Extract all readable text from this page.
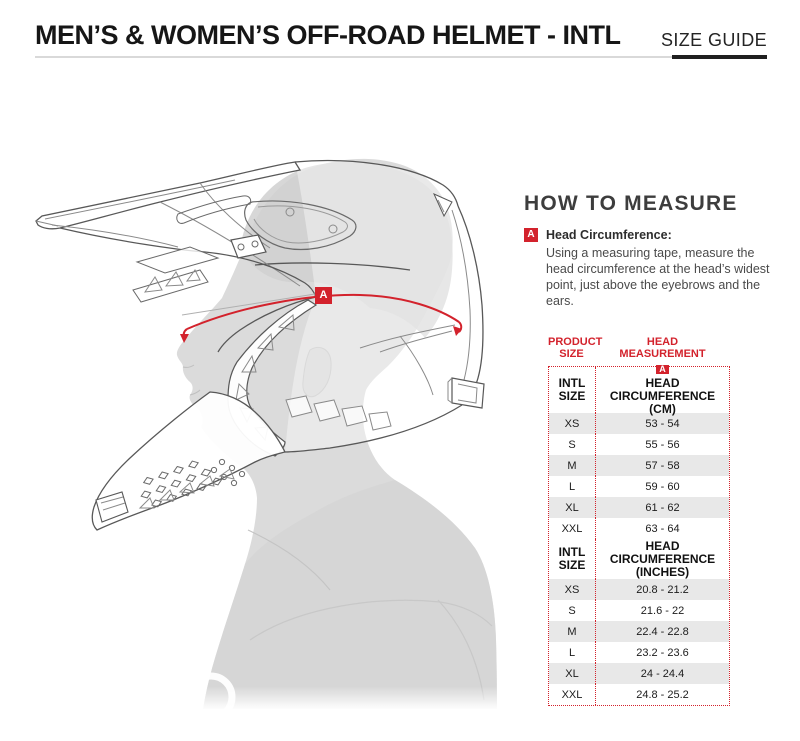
MEN’S & WOMEN’S OFF-ROAD HELMET - INTL SIZE GUIDE
A
HOW TO MEASURE
A Head Circumference:
Using a measuring tape, measure the
head circumference at the head’s widest
point, just above the eyebrows and the ears.
PRODUCT
SIZE
HEAD
MEASUREMENT
INTL
SIZE
A
HEAD CIRCUMFERENCE
(CM)
XS	53 - 54
S	55 - 56
M	57 - 58
L	59 - 60
XL	61 - 62
XXL	63 - 64
INTL
SIZE
HEAD CIRCUMFERENCE
(INCHES)
XS	20.8 - 21.2
S	21.6 - 22
M	22.4 - 22.8
L	23.2 - 23.6
XL	24 - 24.4
XXL	24.8 - 25.2
